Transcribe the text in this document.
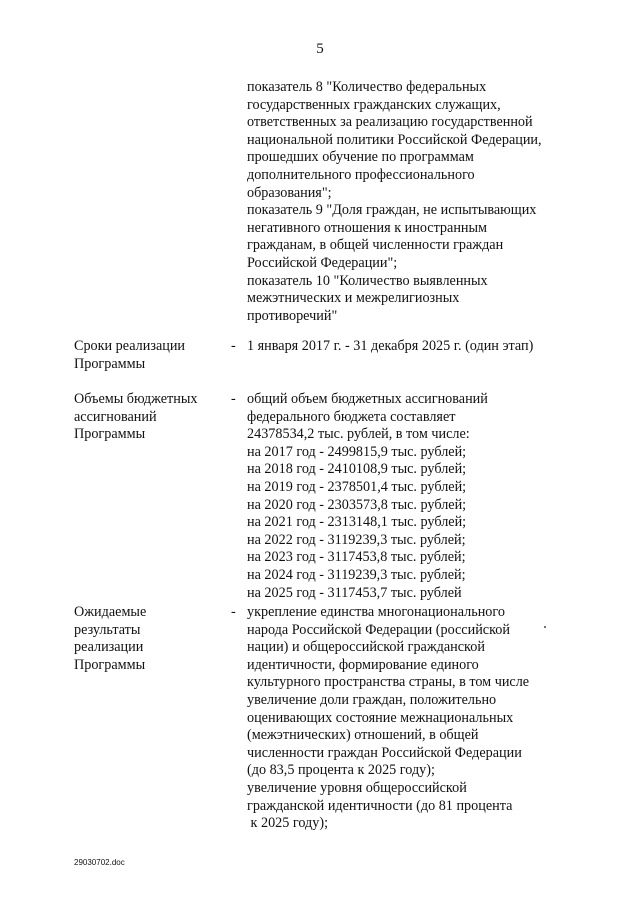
5
показатель 8 "Количество федеральных
государственных гражданских служащих,
ответственных за реализацию государственной
национальной политики Российской Федерации,
прошедших обучение по программам
дополнительного профессионального
образования";
показатель 9 "Доля граждан, не испытывающих
негативного отношения к иностранным
гражданам, в общей численности граждан
Российской Федерации";
показатель 10 "Количество выявленных
межэтнических и межрелигиозных
противоречий"
Сроки реализации
Программы
- 1 января 2017 г. - 31 декабря 2025 г. (один этап)
Объемы бюджетных
ассигнований
Программы
- общий объем бюджетных ассигнований
федерального бюджета составляет
24378534,2 тыс. рублей, в том числе:
на 2017 год - 2499815,9 тыс. рублей;
на 2018 год - 2410108,9 тыс. рублей;
на 2019 год - 2378501,4 тыс. рублей;
на 2020 год - 2303573,8 тыс. рублей;
на 2021 год - 2313148,1 тыс. рублей;
на 2022 год - 3119239,3 тыс. рублей;
на 2023 год - 3117453,8 тыс. рублей;
на 2024 год - 3119239,3 тыс. рублей;
на 2025 год - 3117453,7 тыс. рублей
Ожидаемые
результаты
реализации
Программы
- укрепление единства многонационального
народа Российской Федерации (российской
нации) и общероссийской гражданской
идентичности, формирование единого
культурного пространства страны, в том числе
увеличение доли граждан, положительно
оценивающих состояние межнациональных
(межэтнических) отношений, в общей
численности граждан Российской Федерации
(до 83,5 процента к 2025 году);
увеличение уровня общероссийской
гражданской идентичности (до 81 процента
к 2025 году);
29030702.doc
